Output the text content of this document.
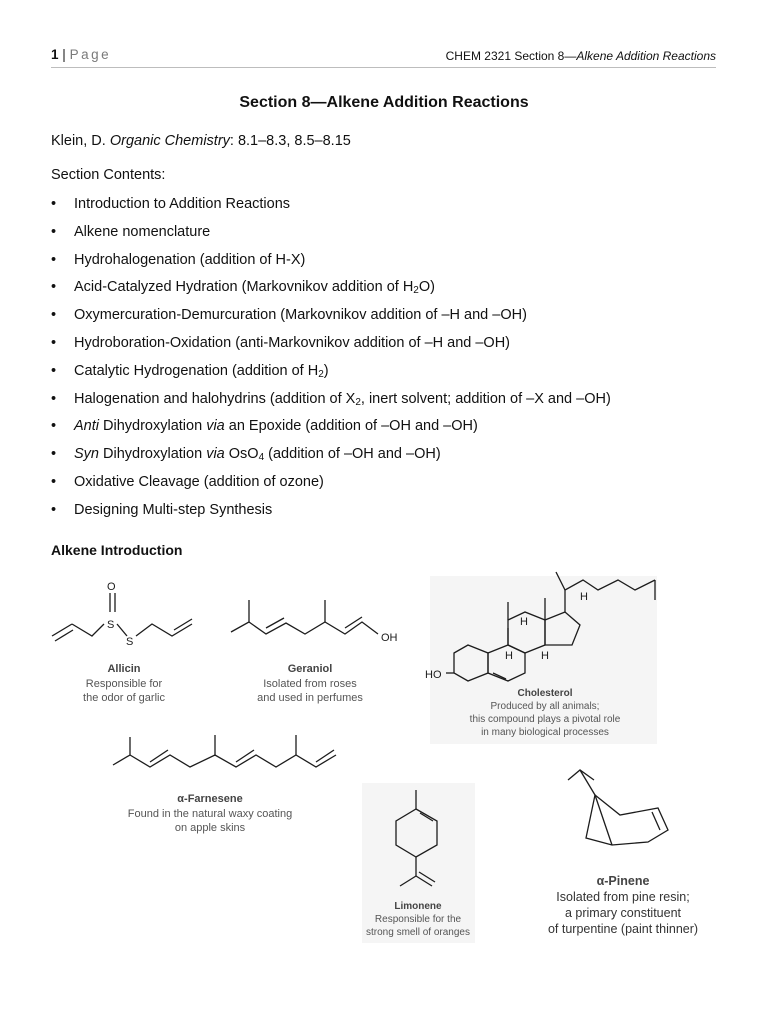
1 | Page	CHEM 2321 Section 8—Alkene Addition Reactions
Section 8—Alkene Addition Reactions
Klein, D. Organic Chemistry: 8.1–8.3, 8.5–8.15
Section Contents:
• Introduction to Addition Reactions
• Alkene nomenclature
• Hydrohalogenation (addition of H-X)
• Acid-Catalyzed Hydration (Markovnikov addition of $H_2O$)
• Oxymercuration-Demurcuration (Markovnikov addition of –H and –OH)
• Hydroboration-Oxidation (anti-Markovnikov addition of –H and –OH)
• Catalytic Hydrogenation (addition of $H_2$)
• Halogenation and halohydrins (addition of $X_2$, inert solvent; addition of –X and –OH)
• Anti Dihydroxylation via an Epoxide (addition of –OH and –OH)
• Syn Dihydroxylation via OsO$_4$ (addition of –OH and –OH)
• Oxidative Cleavage (addition of ozone)
• Designing Multi-step Synthesis
Alkene Introduction
O
S
S	OH
HO
H
H
H	H
Allicin
Responsible for
the odor of garlic
Geraniol
Isolated from roses
and used in perfumes	Cholesterol
Produced by all animals;
this compound plays a pivotal role
in many biological processes
α-Farnesene
Found in the natural waxy coating
on apple skins
Limonene
Responsible for the
strong smell of oranges
α-Pinene
Isolated from pine resin;
a primary constituent
of turpentine (paint thinner)
